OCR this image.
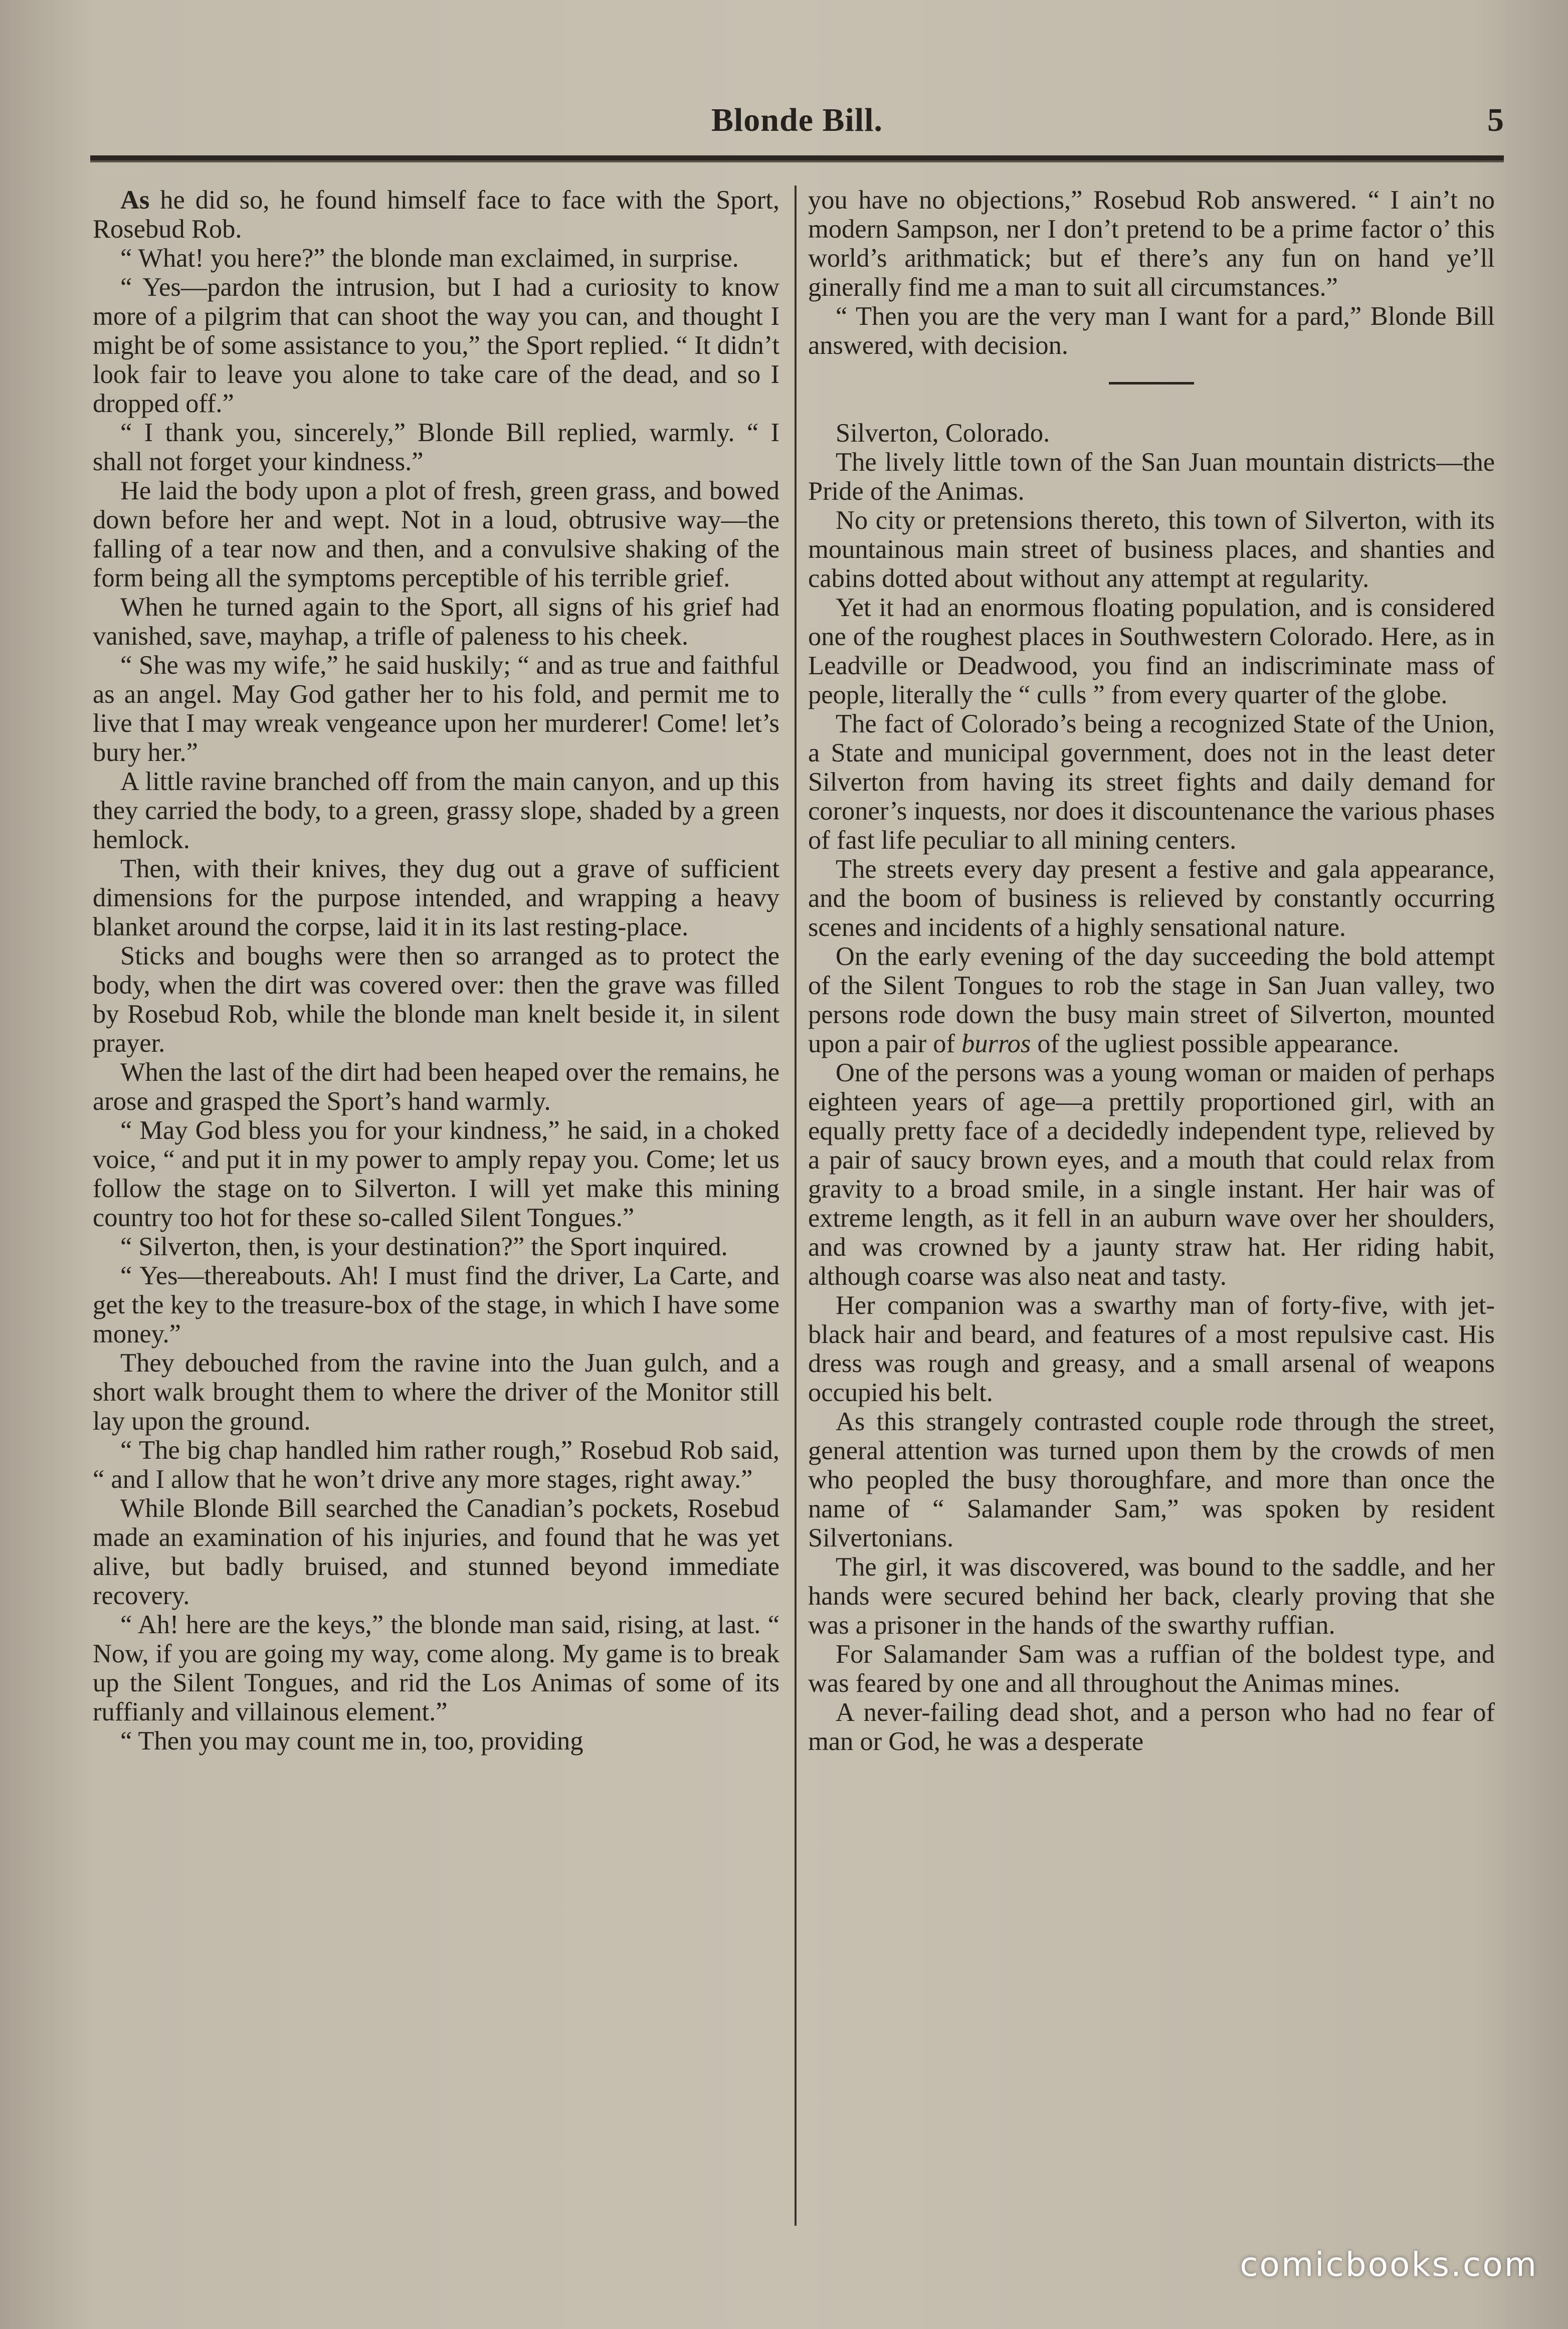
Blonde Bill.	5

As he did so, he found himself face to face with the Sport, Rosebud Rob.

“ What! you here?” the blonde man exclaimed, in surprise.

“ Yes—pardon the intrusion, but I had a curiosity to know more of a pilgrim that can shoot the way you can, and thought I might be of some assistance to you,” the Sport replied. “ It didn’t look fair to leave you alone to take care of the dead, and so I dropped off.”

“ I thank you, sincerely,” Blonde Bill replied, warmly. “ I shall not forget your kindness.”

He laid the body upon a plot of fresh, green grass, and bowed down before her and wept. Not in a loud, obtrusive way—the falling of a tear now and then, and a convulsive shaking of the form being all the symptoms perceptible of his terrible grief.

When he turned again to the Sport, all signs of his grief had vanished, save, mayhap, a trifle of paleness to his cheek.

“ She was my wife,” he said huskily; “ and as true and faithful as an angel. May God gather her to his fold, and permit me to live that I may wreak vengeance upon her murderer! Come! let’s bury her.”

A little ravine branched off from the main canyon, and up this they carried the body, to a green, grassy slope, shaded by a green hemlock.

Then, with their knives, they dug out a grave of sufficient dimensions for the purpose intended, and wrapping a heavy blanket around the corpse, laid it in its last resting-place.

Sticks and boughs were then so arranged as to protect the body, when the dirt was covered over: then the grave was filled by Rosebud Rob, while the blonde man knelt beside it, in silent prayer.

When the last of the dirt had been heaped over the remains, he arose and grasped the Sport’s hand warmly.

“ May God bless you for your kindness,” he said, in a choked voice, “ and put it in my power to amply repay you. Come; let us follow the stage on to Silverton. I will yet make this mining country too hot for these so-called Silent Tongues.”

“ Silverton, then, is your destination?” the Sport inquired.

“ Yes—thereabouts. Ah! I must find the driver, La Carte, and get the key to the treasure-box of the stage, in which I have some money.”

They debouched from the ravine into the Juan gulch, and a short walk brought them to where the driver of the Monitor still lay upon the ground.

“ The big chap handled him rather rough,” Rosebud Rob said, “ and I allow that he won’t drive any more stages, right away.”

While Blonde Bill searched the Canadian’s pockets, Rosebud made an examination of his injuries, and found that he was yet alive, but badly bruised, and stunned beyond immediate recovery.

“ Ah! here are the keys,” the blonde man said, rising, at last. “ Now, if you are going my way, come along. My game is to break up the Silent Tongues, and rid the Los Animas of some of its ruffianly and villainous element.”

“ Then you may count me in, too, providing

you have no objections,” Rosebud Rob answered. “ I ain’t no modern Sampson, ner I don’t pretend to be a prime factor o’ this world’s arithmatick; but ef there’s any fun on hand ye’ll ginerally find me a man to suit all circumstances.”

“ Then you are the very man I want for a pard,” Blonde Bill answered, with decision.

Silverton, Colorado.

The lively little town of the San Juan mountain districts—the Pride of the Animas.

No city or pretensions thereto, this town of Silverton, with its mountainous main street of business places, and shanties and cabins dotted about without any attempt at regularity.

Yet it had an enormous floating population, and is considered one of the roughest places in Southwestern Colorado. Here, as in Leadville or Deadwood, you find an indiscriminate mass of people, literally the “ culls ” from every quarter of the globe.

The fact of Colorado’s being a recognized State of the Union, a State and municipal government, does not in the least deter Silverton from having its street fights and daily demand for coroner’s inquests, nor does it discountenance the various phases of fast life peculiar to all mining centers.

The streets every day present a festive and gala appearance, and the boom of business is relieved by constantly occurring scenes and incidents of a highly sensational nature.

On the early evening of the day succeeding the bold attempt of the Silent Tongues to rob the stage in San Juan valley, two persons rode down the busy main street of Silverton, mounted upon a pair of burros of the ugliest possible appearance.

One of the persons was a young woman or maiden of perhaps eighteen years of age—a prettily proportioned girl, with an equally pretty face of a decidedly independent type, relieved by a pair of saucy brown eyes, and a mouth that could relax from gravity to a broad smile, in a single instant. Her hair was of extreme length, as it fell in an auburn wave over her shoulders, and was crowned by a jaunty straw hat. Her riding habit, although coarse was also neat and tasty.

Her companion was a swarthy man of forty-five, with jet-black hair and beard, and features of a most repulsive cast. His dress was rough and greasy, and a small arsenal of weapons occupied his belt.

As this strangely contrasted couple rode through the street, general attention was turned upon them by the crowds of men who peopled the busy thoroughfare, and more than once the name of “ Salamander Sam,” was spoken by resident Silvertonians.

The girl, it was discovered, was bound to the saddle, and her hands were secured behind her back, clearly proving that she was a prisoner in the hands of the swarthy ruffian.

For Salamander Sam was a ruffian of the boldest type, and was feared by one and all throughout the Animas mines.

A never-failing dead shot, and a person who had no fear of man or God, he was a desperate

comicbooks.com
